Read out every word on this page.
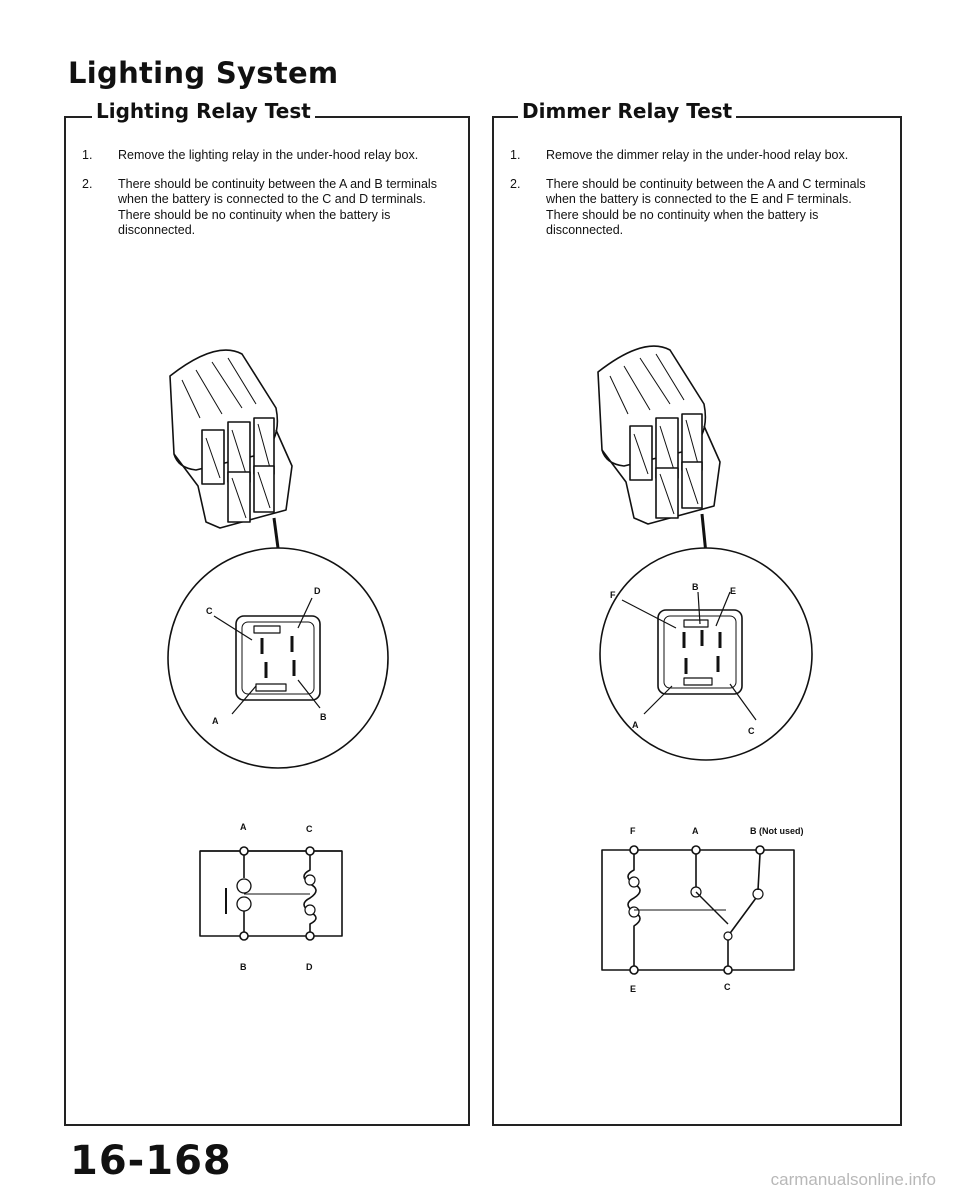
Lighting System
Lighting Relay Test
1.	Remove the lighting relay in the under-hood relay box.

2.	There should be continuity between the A and B terminals when the battery is connected to the C and D terminals.

There should be no continuity when the battery is disconnected.

C
D
A	B
A	C
B	D
Dimmer Relay Test
1.	Remove the dimmer relay in the under-hood relay box.

2.	There should be continuity between the A and C terminals when the battery is connected to the E and F terminals.

There should be no continuity when the battery is disconnected.

F
B	E
A
C
F	A	B (Not used)
E	C
16-168	carmanualsonline.info
